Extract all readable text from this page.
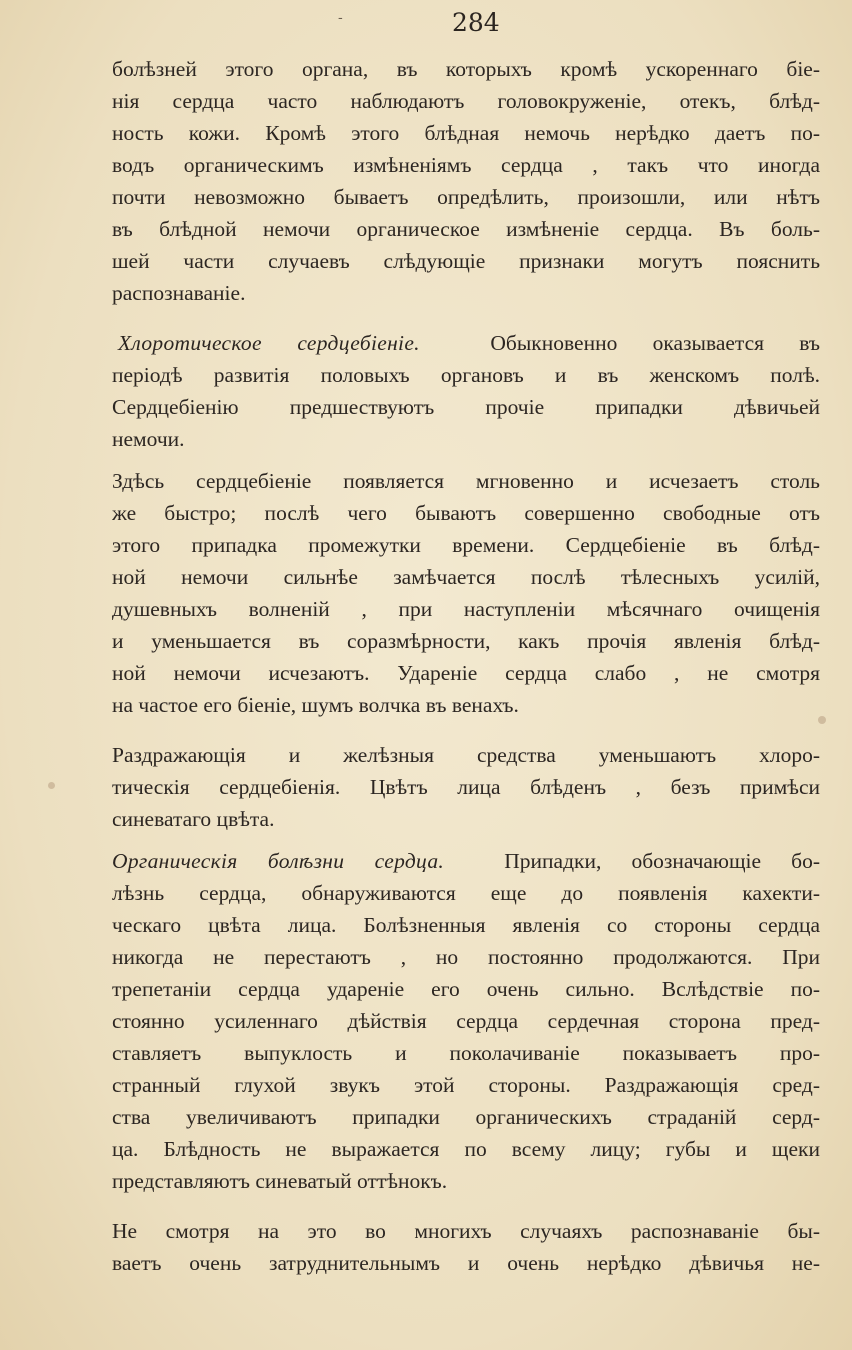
-	284
болѣзней этого органа, въ которыхъ кромѣ ускореннаго біе-
нія сердца часто наблюдаютъ головокруженіе, отекъ, блѣд-
ность кожи. Кромѣ этого блѣдная немочь нерѣдко даетъ по-
водъ органическимъ измѣненіямъ сердца , такъ что иногда
почти невозможно бываетъ опредѣлить, произошли, или нѣтъ
въ блѣдной немочи органическое измѣненіе сердца. Въ боль-
шей части случаевъ слѣдующіе признаки могутъ пояснить
распознаваніе.
Хлоротическое сердцебіеніе.	Обыкновенно оказывается въ
періодѣ развитія половыхъ органовъ и въ женскомъ полѣ.
Сердцебіенію предшествуютъ прочіе припадки дѣвичьей
немочи.
Здѣсь сердцебіеніе появляется мгновенно и исчезаетъ столь
же быстро; послѣ чего бываютъ совершенно свободные отъ
этого припадка промежутки времени. Сердцебіеніе въ блѣд-
ной немочи сильнѣе замѣчается послѣ тѣлесныхъ усилій,
душевныхъ волненій , при наступленіи мѣсячнаго очищенія
и уменьшается въ соразмѣрности, какъ прочія явленія блѣд-
ной немочи исчезаютъ. Удареніе сердца слабо , не смотря
на частое его біеніе, шумъ волчка въ венахъ.
Раздражающія и желѣзныя средства уменьшаютъ хлоро-
тическія сердцебіенія. Цвѣтъ лица блѣденъ , безъ примѣси
синеватаго цвѣта.
Органическія болѣзни сердца.	Припадки, обозначающіе бо-
лѣзнь сердца, обнаруживаются еще до появленія кахекти-
ческаго цвѣта лица. Болѣзненныя явленія со стороны сердца
никогда не перестаютъ , но постоянно продолжаются. При
трепетаніи сердца удареніе его очень сильно. Вслѣдствіе по-
стоянно усиленнаго дѣйствія сердца сердечная сторона пред-
ставляетъ выпуклость и поколачиваніе показываетъ про-
странный глухой звукъ этой стороны. Раздражающія сред-
ства увеличиваютъ припадки органическихъ страданій серд-
ца. Блѣдность не выражается по всему лицу; губы и щеки
представляютъ синеватый оттѣнокъ.
Не смотря на это во многихъ случаяхъ распознаваніе бы-
ваетъ очень затруднительнымъ и очень нерѣдко дѣвичья не-
